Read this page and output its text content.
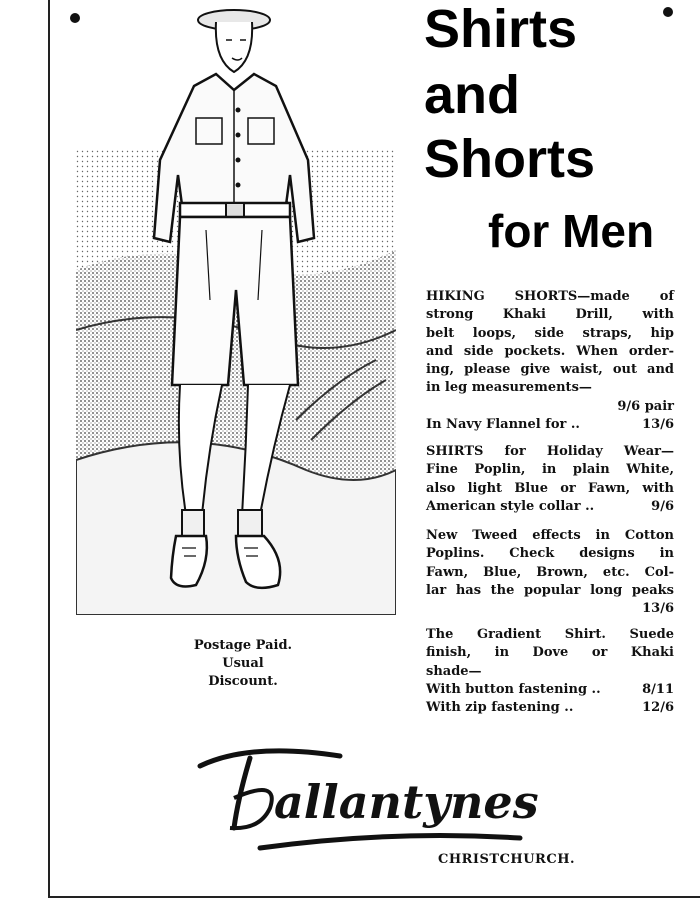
Shirts
and
Shorts
for Men
HIKING SHORTS—made of
strong Khaki Drill, with
belt loops, side straps, hip
and side pockets. When order-
ing, please give waist, out and
in leg measurements—
9/6 pair
In Navy Flannel for ..	13/6
SHIRTS for Holiday Wear—
Fine Poplin, in plain White,
also light Blue or Fawn, with
American style collar ..	9/6
New Tweed effects in Cotton
Poplins. Check designs in
Fawn, Blue, Brown, etc. Col-
lar has the popular long peaks
13/6
The Gradient Shirt. Suede
finish, in Dove or Khaki
shade—
With button fastening ..	8/11
With zip fastening ..	12/6
Postage Paid.
Usual
Discount.
allantynes
CHRISTCHURCH.
